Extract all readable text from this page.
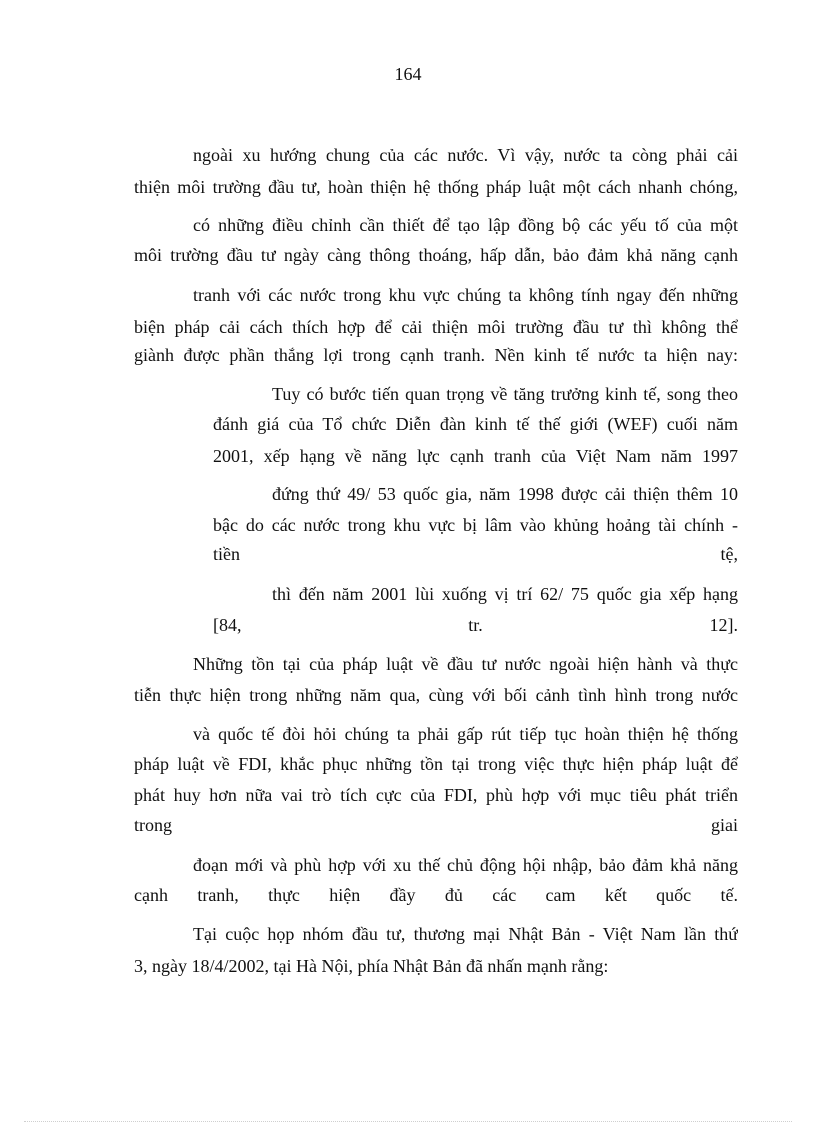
164
ngoài xu hướng chung của các nước. Vì vậy, nước ta còng phải cải
thiện môi trường đầu tư, hoàn thiện hệ thống pháp luật một cách nhanh chóng,
có những điều chỉnh cần thiết để tạo lập đồng bộ các yếu tố của một
môi trường đầu tư ngày càng thông thoáng, hấp dẫn, bảo đảm khả năng cạnh
tranh với các nước trong khu vực chúng ta không tính ngay đến những
biện pháp cải cách thích hợp để cải thiện môi trường đầu tư thì không thể
giành được phần thắng lợi trong cạnh tranh. Nền kinh tế nước ta hiện nay:
Tuy có bước tiến quan trọng về tăng trưởng kinh tế, song theo
đánh giá của Tổ chức Diễn đàn kinh tế thế giới (WEF) cuối năm
2001, xếp hạng về năng lực cạnh tranh của Việt Nam năm 1997
đứng thứ 49/ 53 quốc gia, năm 1998 được cải thiện thêm 10
bậc do các nước trong khu vực bị lâm vào khủng hoảng tài chính -
tiền tệ,
thì đến năm 2001 lùi xuống vị trí 62/ 75 quốc gia xếp hạng
[84, tr. 12].
Những tồn tại của pháp luật về đầu tư nước ngoài hiện hành và thực
tiễn thực hiện trong những năm qua, cùng với bối cảnh tình hình trong nước
và quốc tế đòi hỏi chúng ta phải gấp rút tiếp tục hoàn thiện hệ thống
pháp luật về FDI, khắc phục những tồn tại trong việc thực hiện pháp luật để
phát huy hơn nữa vai trò tích cực của FDI, phù hợp với mục tiêu phát triển
trong giai
đoạn mới và phù hợp với xu thế chủ động hội nhập, bảo đảm khả năng
cạnh tranh, thực hiện đầy đủ các cam kết quốc tế.
Tại cuộc họp nhóm đầu tư, thương mại Nhật Bản - Việt Nam lần thứ
3, ngày 18/4/2002, tại Hà Nội, phía Nhật Bản đã nhấn mạnh rằng:
